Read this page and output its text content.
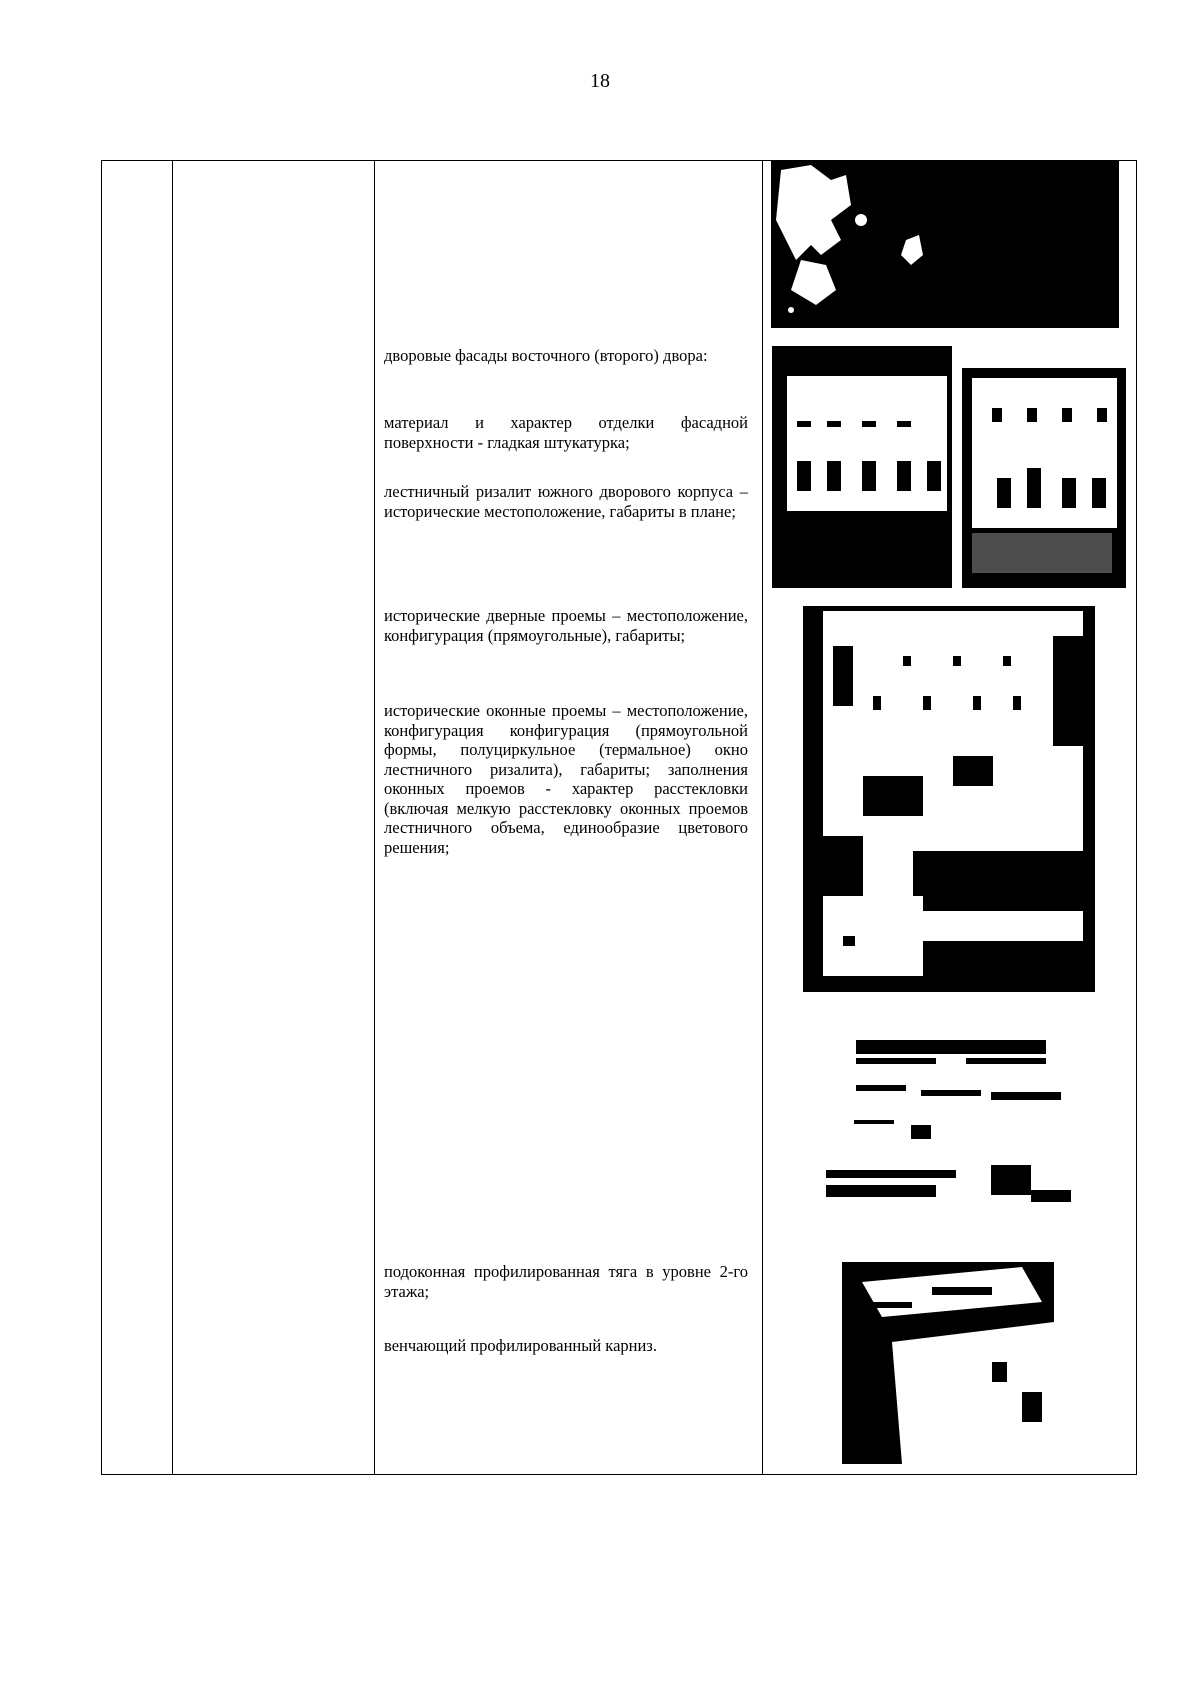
18

дворовые фасады восточного (второго) двора:

материал и характер отделки фасадной поверхности - гладкая штукатурка;

лестничный ризалит южного дворового корпуса – исторические местоположение, габариты в плане;

исторические дверные проемы – местоположение, конфигурация (прямоугольные), габариты;

исторические оконные проемы – местоположение, конфигурация конфигурация (прямоугольной формы, полуциркульное (термальное) окно лестничного ризалита), габариты; заполнения оконных проемов - характер расстекловки (включая мелкую расстекловку оконных проемов лестничного объема, единообразие цветового решения;

подоконная профилированная тяга в уровне 2-го этажа;

венчающий профилированный карниз.
